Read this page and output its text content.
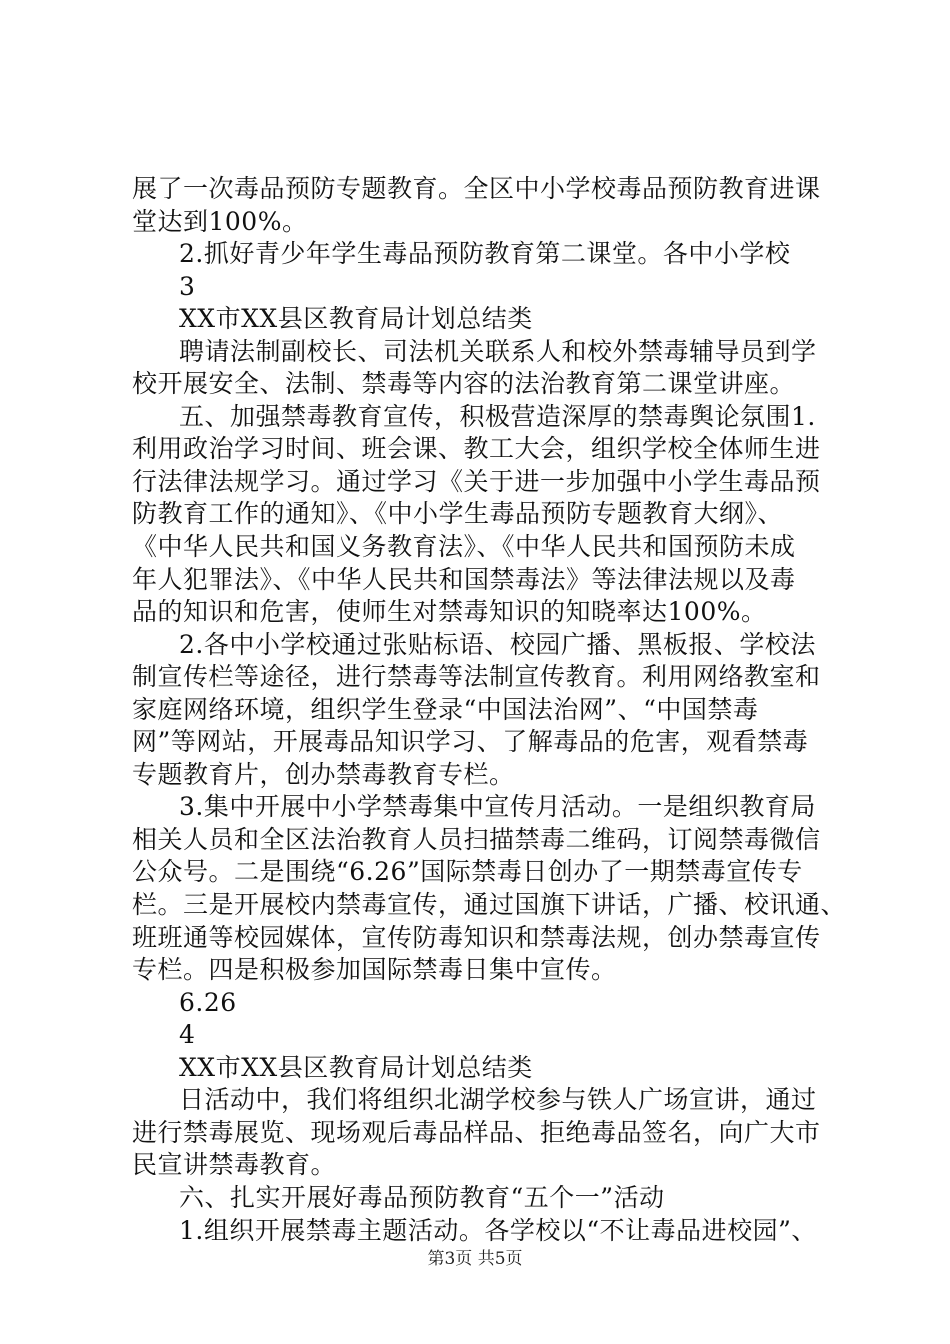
展了一次毒品预防专题教育。全区中小学校毒品预防教育进课
堂达到100%。
2.抓好青少年学生毒品预防教育第二课堂。各中小学校
3
XX市XX县区教育局计划总结类
聘请法制副校长、司法机关联系人和校外禁毒辅导员到学
校开展安全、法制、禁毒等内容的法治教育第二课堂讲座。
五、加强禁毒教育宣传，积极营造深厚的禁毒舆论氛围1.
利用政治学习时间、班会课、教工大会，组织学校全体师生进
行法律法规学习。通过学习《关于进一步加强中小学生毒品预
防教育工作的通知》、《中小学生毒品预防专题教育大纲》、
《中华人民共和国义务教育法》、《中华人民共和国预防未成
年人犯罪法》、《中华人民共和国禁毒法》等法律法规以及毒
品的知识和危害，使师生对禁毒知识的知晓率达100%。
2.各中小学校通过张贴标语、校园广播、黑板报、学校法
制宣传栏等途径，进行禁毒等法制宣传教育。利用网络教室和
家庭网络环境，组织学生登录“中国法治网”、“中国禁毒
网”等网站，开展毒品知识学习、了解毒品的危害，观看禁毒
专题教育片，创办禁毒教育专栏。
3.集中开展中小学禁毒集中宣传月活动。一是组织教育局
相关人员和全区法治教育人员扫描禁毒二维码，订阅禁毒微信
公众号。二是围绕“6.26”国际禁毒日创办了一期禁毒宣传专
栏。三是开展校内禁毒宣传，通过国旗下讲话，广播、校讯通、
班班通等校园媒体，宣传防毒知识和禁毒法规，创办禁毒宣传
专栏。四是积极参加国际禁毒日集中宣传。
6.26
4
XX市XX县区教育局计划总结类
日活动中，我们将组织北湖学校参与铁人广场宣讲，通过
进行禁毒展览、现场观后毒品样品、拒绝毒品签名，向广大市
民宣讲禁毒教育。
六、扎实开展好毒品预防教育“五个一”活动
1.组织开展禁毒主题活动。各学校以“不让毒品进校园”、
第3页 共5页
